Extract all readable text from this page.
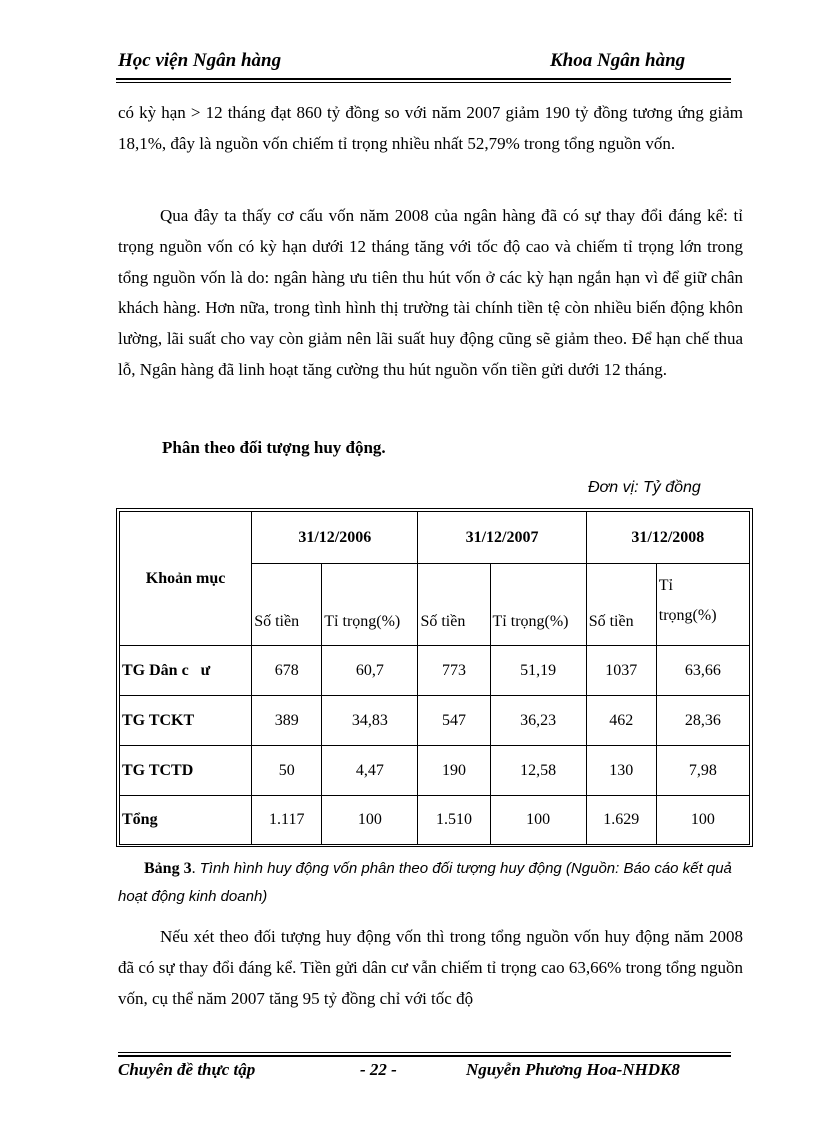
Học viện Ngân hàng	Khoa Ngân hàng

có kỳ hạn > 12 tháng đạt 860 tỷ đồng so với năm 2007 giảm 190 tỷ đồng tương ứng giảm 18,1%, đây là nguồn vốn chiếm tỉ trọng nhiều nhất 52,79% trong tổng nguồn vốn.

Qua đây ta thấy cơ cấu vốn năm 2008 của ngân hàng đã có sự thay đổi đáng kể: tỉ trọng nguồn vốn có kỳ hạn dưới 12 tháng tăng với tốc độ cao và chiếm tỉ trọng lớn trong tổng nguồn vốn là do: ngân hàng ưu tiên thu hút vốn ở các kỳ hạn ngắn hạn vì để giữ chân khách hàng. Hơn nữa, trong tình hình thị trường tài chính tiền tệ còn nhiều biến động khôn lường, lãi suất cho vay còn giảm nên lãi suất huy động cũng sẽ giảm theo. Để hạn chế thua lỗ, Ngân hàng đã linh hoạt tăng cường thu hút nguồn vốn tiền gửi dưới 12 tháng.

Phân theo đối tượng huy động.
Đơn vị: Tỷ đồng
Khoản mục	31/12/2006		31/12/2007		31/12/2008	
	Số tiền	Tỉ trọng(%)	Số tiền	Tỉ trọng(%)	Số tiền	Tỉ
trọng(%)
TG Dân c   ư	678	60,7	773	51,19	1037	63,66
TG TCKT	389	34,83	547	36,23	462	28,36
TG TCTD	50	4,47	190	12,58	130	7,98
Tổng	1.117	100	1.510	100	1.629	100

Bảng 3. Tình hình huy động vốn phân theo đối tượng huy động (Nguồn: Báo cáo kết quả hoạt động kinh doanh)

Nếu xét theo đối tượng huy động vốn thì trong tổng nguồn vốn huy động năm 2008 đã có sự thay đổi đáng kể. Tiền gửi dân cư vẫn chiếm tỉ trọng cao 63,66% trong tổng nguồn vốn, cụ thể năm 2007 tăng 95 tỷ đồng chỉ với tốc độ

Chuyên đề thực tập	- 22 -	Nguyễn Phương Hoa-NHDK8
